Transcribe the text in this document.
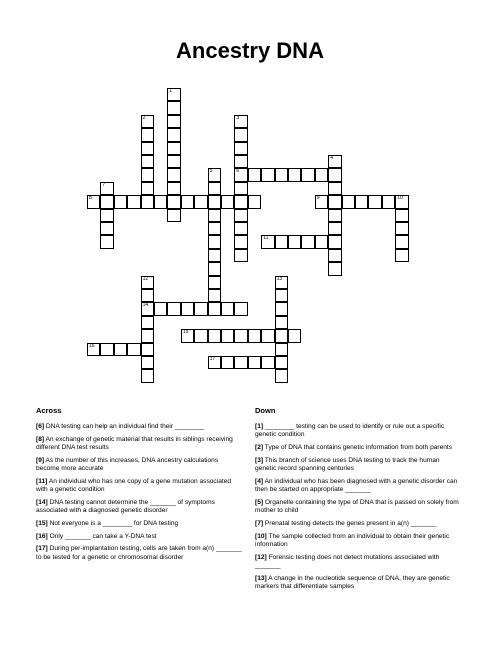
Ancestry DNA
1
2	3
6
4
5
7
8	9	10
11
12
14
13
15
16
17
Across	Down
[6] DNA testing can help an individual find their ________
[8] An exchange of genetic material that results in siblings receiving different DNA test results
[9] As the number of this increases, DNA ancestry calculations become more accurate
[11] An individual who has one copy of a gene mutation associated with a genetic condition
[14] DNA testing cannot determine the _______ of symptoms associated with a diagnosed genetic disorder
[15] Not everyone is a ________ for DNA testing
[16] Only _______ can take a Y-DNA test
[17] During per-implantation testing, cells are taken from a(n) _______ to be tested for a genetic or chromosomal disorder
[1] ________ testing can be used to identify or rule out a specific genetic condition
[2] Type of DNA that contains genetic information from both parents
[3] This branch of science uses DNA testing to track the human genetic record spanning centuries
[4] An individual who has been diagnosed with a genetic disorder can then be started on appropriate _______
[5] Organelle containing the type of DNA that is passed on solely from mother to child
[7] Prenatal testing detects the genes present in a(n) _______
[10] The sample collected from an individual to obtain their genetic information
[12] Forensic testing does not detect mutations associated with _______
[13] A change in the nucleotide sequence of DNA, they are genetic markers that differentiate samples
